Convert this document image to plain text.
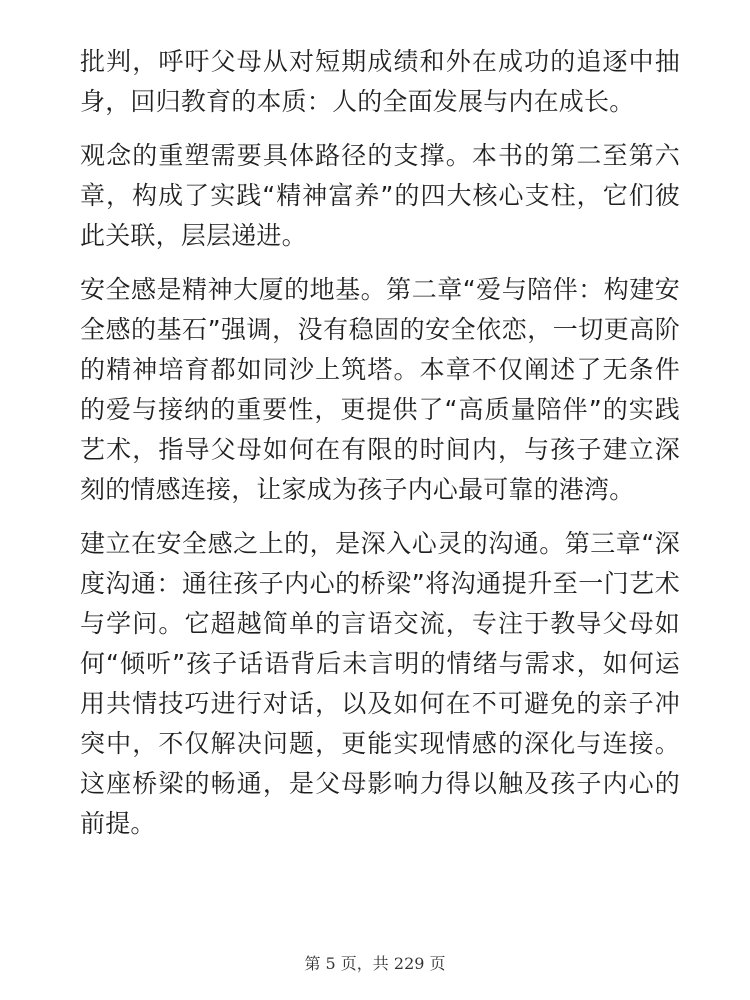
批判，呼吁父母从对短期成绩和外在成功的追逐中抽身，回归教育的本质：人的全面发展与内在成长。

观念的重塑需要具体路径的支撑。本书的第二至第六章，构成了实践“精神富养”的四大核心支柱，它们彼此关联，层层递进。

安全感是精神大厦的地基。第二章“爱与陪伴：构建安全感的基石”强调，没有稳固的安全依恋，一切更高阶的精神培育都如同沙上筑塔。本章不仅阐述了无条件的爱与接纳的重要性，更提供了“高质量陪伴”的实践艺术，指导父母如何在有限的时间内，与孩子建立深刻的情感连接，让家成为孩子内心最可靠的港湾。

建立在安全感之上的，是深入心灵的沟通。第三章“深度沟通：通往孩子内心的桥梁”将沟通提升至一门艺术与学问。它超越简单的言语交流，专注于教导父母如何“倾听”孩子话语背后未言明的情绪与需求，如何运用共情技巧进行对话，以及如何在不可避免的亲子冲突中，不仅解决问题，更能实现情感的深化与连接。这座桥梁的畅通，是父母影响力得以触及孩子内心的前提。

第 5 页，共 229 页
